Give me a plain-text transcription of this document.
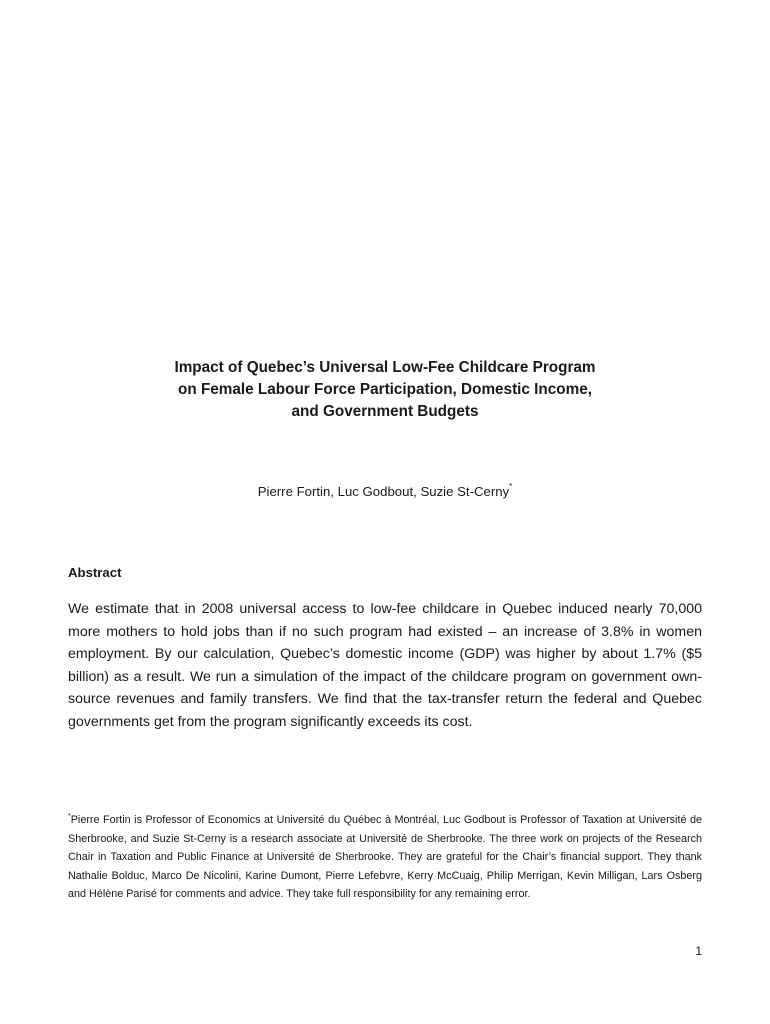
Impact of Quebec’s Universal Low-Fee Childcare Program
on Female Labour Force Participation, Domestic Income,
and Government Budgets
Pierre Fortin, Luc Godbout, Suzie St-Cerny*
Abstract
We estimate that in 2008 universal access to low-fee childcare in Quebec induced nearly 70,000 more mothers to hold jobs than if no such program had existed – an increase of 3.8% in women employment. By our calculation, Quebec’s domestic income (GDP) was higher by about 1.7% ($5 billion) as a result. We run a simulation of the impact of the childcare program on government own-source revenues and family transfers. We find that the tax-transfer return the federal and Quebec governments get from the program significantly exceeds its cost.
*Pierre Fortin is Professor of Economics at Université du Québec à Montréal, Luc Godbout is Professor of Taxation at Université de Sherbrooke, and Suzie St-Cerny is a research associate at Université de Sherbrooke. The three work on projects of the Research Chair in Taxation and Public Finance at Université de Sherbrooke. They are grateful for the Chair’s financial support. They thank Nathalie Bolduc, Marco De Nicolini, Karine Dumont, Pierre Lefebvre, Kerry McCuaig, Philip Merrigan, Kevin Milligan, Lars Osberg and Hélène Parisé for comments and advice. They take full responsibility for any remaining error.
1
